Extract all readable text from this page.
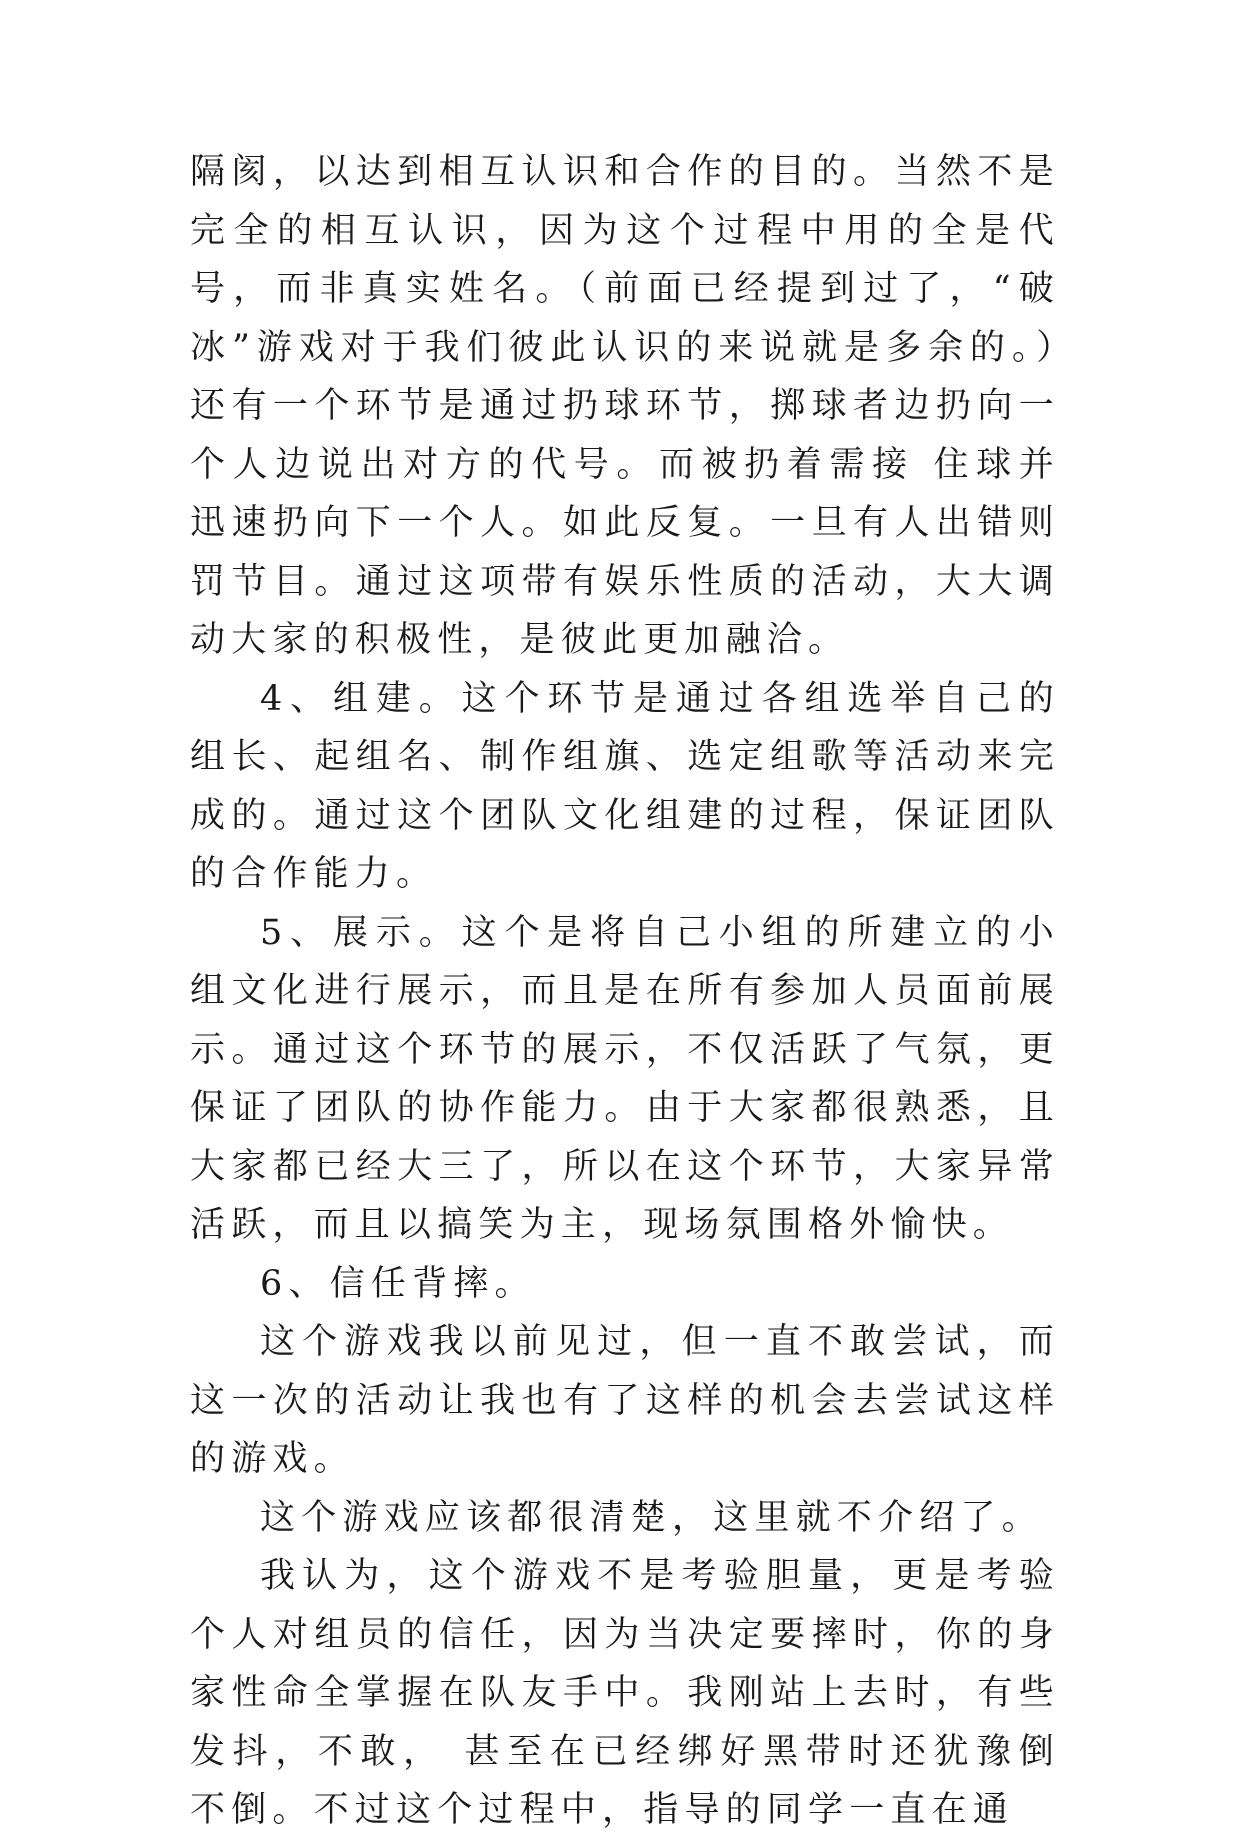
隔阂，以达到相互认识和合作的目的。当然不是完全的相互认识，因为这个过程中用的全是代号，而非真实姓名。（前面已经提到过了，“破冰”游戏对于我们彼此认识的来说就是多余的。）还有一个环节是通过扔球环节，掷球者边扔向一个人边说出对方的代号。而被扔着需接 住球并迅速扔向下一个人。如此反复。一旦有人出错则罚节目。通过这项带有娱乐性质的活动，大大调动大家的积极性，是彼此更加融洽。

4、组建。这个环节是通过各组选举自己的组长、起组名、制作组旗、选定组歌等活动来完成的。通过这个团队文化组建的过程，保证团队的合作能力。

5、展示。这个是将自己小组的所建立的小组文化进行展示，而且是在所有参加人员面前展示。通过这个环节的展示，不仅活跃了气氛，更保证了团队的协作能力。由于大家都很熟悉，且大家都已经大三了，所以在这个环节，大家异常活跃，而且以搞笑为主，现场氛围格外愉快。

6、信任背摔。

这个游戏我以前见过，但一直不敢尝试，而这一次的活动让我也有了这样的机会去尝试这样的游戏。

这个游戏应该都很清楚，这里就不介绍了。

我认为，这个游戏不是考验胆量，更是考验个人对组员的信任，因为当决定要摔时，你的身家性命全掌握在队友手中。我刚站上去时，有些发抖，不敢， 甚至在已经绑好黑带时还犹豫倒不倒。不过这个过程中，指导的同学一直在通
